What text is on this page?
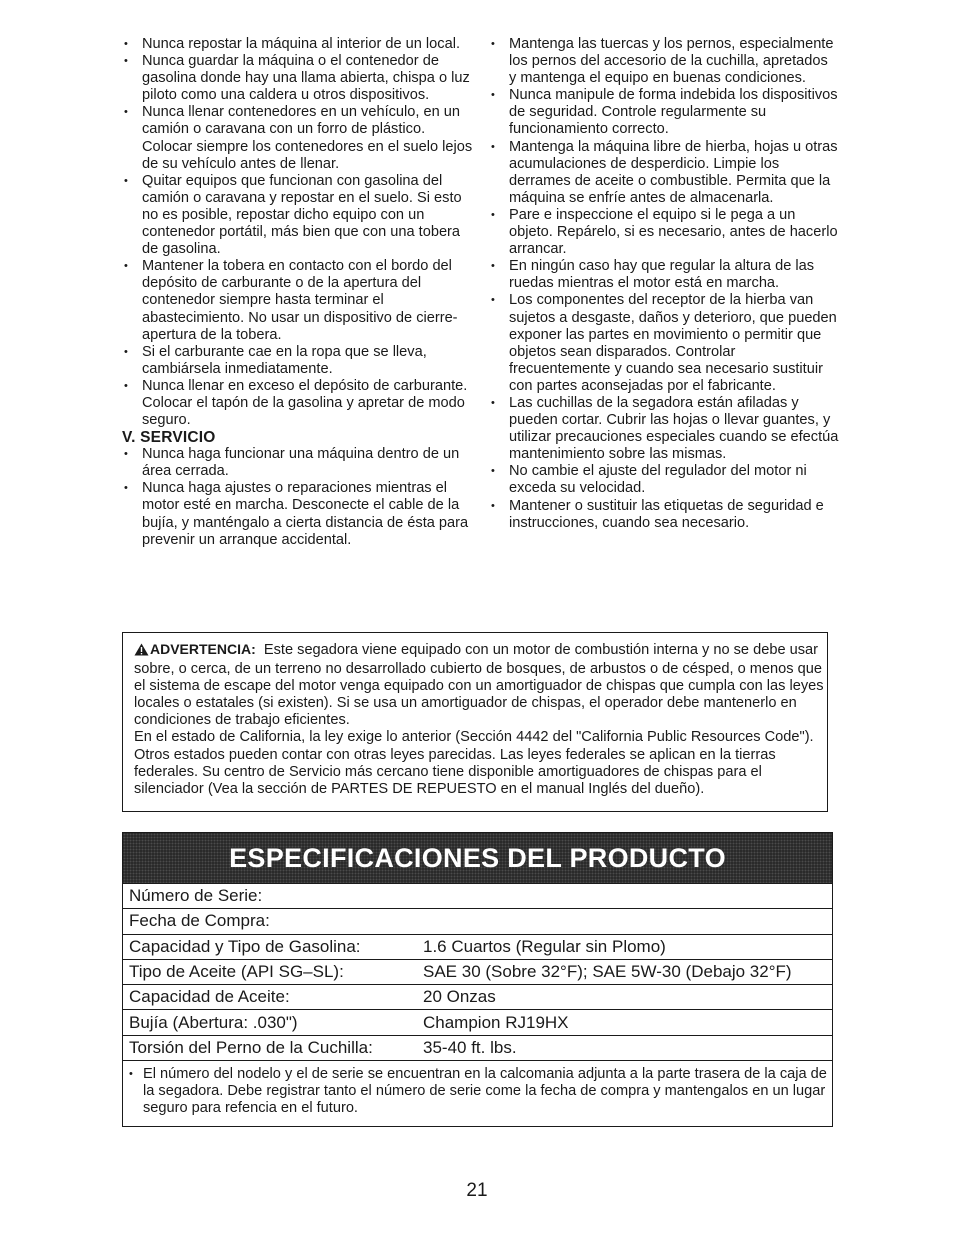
• Nunca repostar la máquina al interior de un local.
• Nunca guardar la máquina o el contenedor de gasolina donde hay una llama abierta, chispa o luz piloto como una caldera u otros dispositivos.
• Nunca llenar contenedores en un vehículo, en un camión o caravana con un forro de plástico. Colocar siempre los contenedores en el suelo lejos de su vehículo antes de llenar.
• Quitar equipos que funcionan con gasolina del camión o caravana y repostar en el suelo. Si esto no es posible, repostar dicho equipo con un contenedor portátil, más bien que con una tobera de gasolina.
• Mantener la tobera en contacto con el bordo del depósito de carburante o de la apertura del contenedor siempre hasta terminar el abastecimiento. No usar un dispositivo de cierre-apertura de la tobera.
• Si el carburante cae en la ropa que se lleva, cambiársela inmediatamente.
• Nunca llenar en exceso el depósito de carburante. Colocar el tapón de la gasolina y apretar de modo seguro.
V. SERVICIO
• Nunca haga funcionar una máquina dentro de un área cerrada.
• Nunca haga ajustes o reparaciones mientras el motor esté en marcha. Desconecte el cable de la bujía, y manténgalo a cierta distancia de ésta para prevenir un arranque accidental.
• Mantenga las tuercas y los pernos, especialmente los pernos del accesorio de la cuchilla, apretados y mantenga el equipo en buenas condiciones.
• Nunca manipule de forma indebida los dispositivos de seguridad. Controle regularmente su funcionamiento correcto.
• Mantenga la máquina libre de hierba, hojas u otras acumulaciones de desperdicio. Limpie los derrames de aceite o combustible. Permita que la máquina se enfríe antes de almacenarla.
• Pare e inspeccione el equipo si le pega a un objeto. Repárelo, si es necesario, antes de hacerlo arrancar.
• En ningún caso hay que regular la altura de las ruedas mientras el motor está en marcha.
• Los componentes del receptor de la hierba van sujetos a desgaste, daños y deterioro, que pueden exponer las partes en movimiento o permitir que objetos sean disparados. Controlar frecuentemente y cuando sea necesario sustituir con partes aconsejadas por el fabricante.
• Las cuchillas de la segadora están afiladas y pueden cortar. Cubrir las hojas o llevar guantes, y utilizar precauciones especiales cuando se efectúa mantenimiento sobre las mismas.
• No cambie el ajuste del regulador del motor ni exceda su velocidad.
• Mantener o sustituir las etiquetas de seguridad e instrucciones, cuando sea necesario.

ADVERTENCIA: Este segadora viene equipado con un motor de combustión interna y no se debe usar sobre, o cerca, de un terreno no desarrollado cubierto de bosques, de arbustos o de césped, o menos que el sistema de escape del motor venga equipado con un amortiguador de chispas que cumpla con las leyes locales o estatales (si existen). Si se usa un amortiguador de chispas, el operador debe mantenerlo en condiciones de trabajo eficientes.

En el estado de California, la ley exige lo anterior (Sección 4442 del "California Public Resources Code"). Otros estados pueden contar con otras leyes parecidas. Las leyes federales se aplican en la tierras federales. Su centro de Servicio más cercano tiene disponible amortiguadores de chispas para el silenciador (Vea la sección de PARTES DE REPUESTO en el manual Inglés del dueño).

ESPECIFICACIONES DEL PRODUCTO
Número de Serie:
Fecha de Compra:
Capacidad y Tipo de Gasolina:	1.6 Cuartos (Regular sin Plomo)
Tipo de Aceite (API SG–SL):	SAE 30 (Sobre 32°F); SAE 5W-30 (Debajo 32°F)
Capacidad de Aceite:	20 Onzas
Bujía (Abertura: .030")	Champion RJ19HX
Torsión del Perno de la Cuchilla:	35-40 ft. lbs.
• El número del nodelo y el de serie se encuentran en la calcomania adjunta a la parte trasera de la caja de la segadora. Debe registrar tanto el número de serie come la fecha de compra y mantengalos en un lugar seguro para refencia en el futuro.
21
